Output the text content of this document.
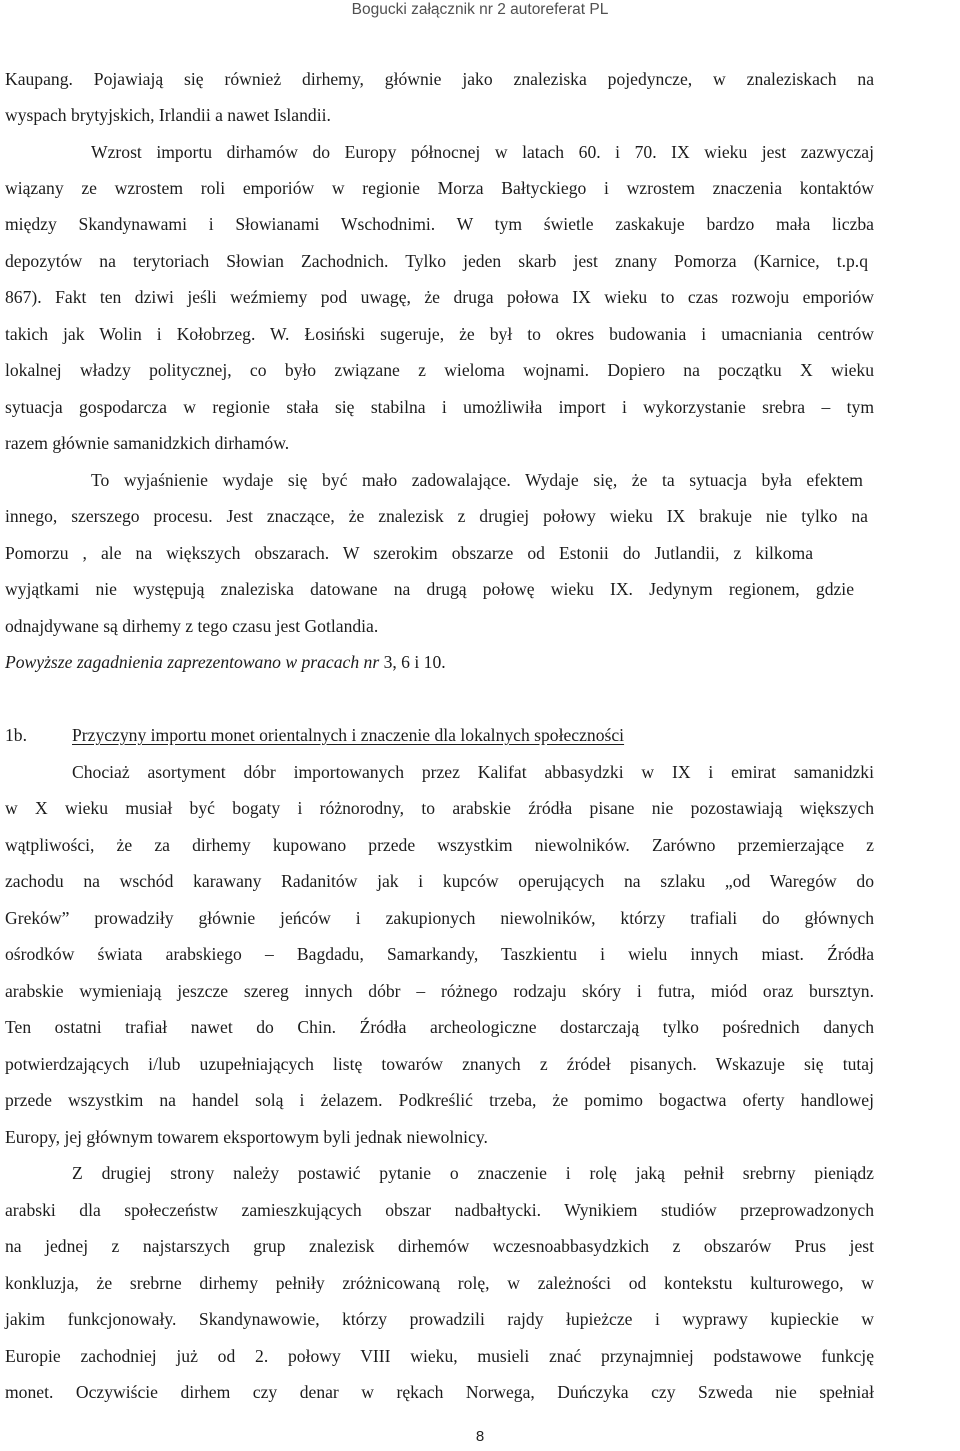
Bogucki załącznik nr 2 autoreferat PL
Kaupang. Pojawiają się również dirhemy, głównie jako znaleziska pojedyncze, w znaleziskach na
wyspach brytyjskich, Irlandii a nawet Islandii.
Wzrost importu dirhamów do Europy północnej w latach 60. i 70. IX wieku jest zazwyczaj
wiązany ze wzrostem roli emporiów w regionie Morza Bałtyckiego i wzrostem znaczenia kontaktów
między Skandynawami i Słowianami Wschodnimi. W tym świetle zaskakuje bardzo mała liczba
depozytów na terytoriach Słowian Zachodnich. Tylko jeden skarb jest znany Pomorza (Karnice, t.p.q
867). Fakt ten dziwi jeśli weźmiemy pod uwagę, że druga połowa IX wieku to czas rozwoju emporiów
takich jak Wolin i Kołobrzeg. W. Łosiński sugeruje, że był to okres budowania i umacniania centrów
lokalnej władzy politycznej, co było związane z wieloma wojnami. Dopiero na początku X wieku
sytuacja gospodarcza w regionie stała się stabilna i umożliwiła import i wykorzystanie srebra – tym
razem głównie samanidzkich dirhamów.
To wyjaśnienie wydaje się być mało zadowalające. Wydaje się, że ta sytuacja była efektem
innego, szerszego procesu. Jest znaczące, że znalezisk z drugiej połowy wieku IX brakuje nie tylko na
Pomorzu , ale na większych obszarach. W szerokim obszarze od Estonii do Jutlandii, z kilkoma
wyjątkami nie występują znaleziska datowane na drugą połowę wieku IX. Jedynym regionem, gdzie
odnajdywane są dirhemy z tego czasu jest Gotlandia.
Powyższe zagadnienia zaprezentowano w pracach nr 3, 6 i 10.
1b.	Przyczyny importu monet orientalnych i znaczenie dla lokalnych społeczności
Chociaż asortyment dóbr importowanych przez Kalifat abbasydzki w IX i emirat samanidzki
w X wieku musiał być bogaty i różnorodny, to arabskie źródła pisane nie pozostawiają większych
wątpliwości, że za dirhemy kupowano przede wszystkim niewolników. Zarówno przemierzające z
zachodu na wschód karawany Radanitów jak i kupców operujących na szlaku „od Waregów do
Greków” prowadziły głównie jeńców i zakupionych niewolników, którzy trafiali do głównych
ośrodków świata arabskiego – Bagdadu, Samarkandy, Taszkientu i wielu innych miast. Źródła
arabskie wymieniają jeszcze szereg innych dóbr – różnego rodzaju skóry i futra, miód oraz bursztyn.
Ten ostatni trafiał nawet do Chin. Źródła archeologiczne dostarczają tylko pośrednich danych
potwierdzających i/lub uzupełniających listę towarów znanych z źródeł pisanych. Wskazuje się tutaj
przede wszystkim na handel solą i żelazem. Podkreślić trzeba, że pomimo bogactwa oferty handlowej
Europy, jej głównym towarem eksportowym byli jednak niewolnicy.
Z drugiej strony należy postawić pytanie o znaczenie i rolę jaką pełnił srebrny pieniądz
arabski dla społeczeństw zamieszkujących obszar nadbałtycki. Wynikiem studiów przeprowadzonych
na jednej z najstarszych grup znalezisk dirhemów wczesnoabbasydzkich z obszarów Prus jest
konkluzja, że srebrne dirhemy pełniły zróżnicowaną rolę, w zależności od kontekstu kulturowego, w
jakim funkcjonowały. Skandynawowie, którzy prowadzili rajdy łupieżcze i wyprawy kupieckie w
Europie zachodniej już od 2. połowy VIII wieku, musieli znać przynajmniej podstawowe funkcję
monet. Oczywiście dirhem czy denar w rękach Norwega, Duńczyka czy Szweda nie spełniał
8
